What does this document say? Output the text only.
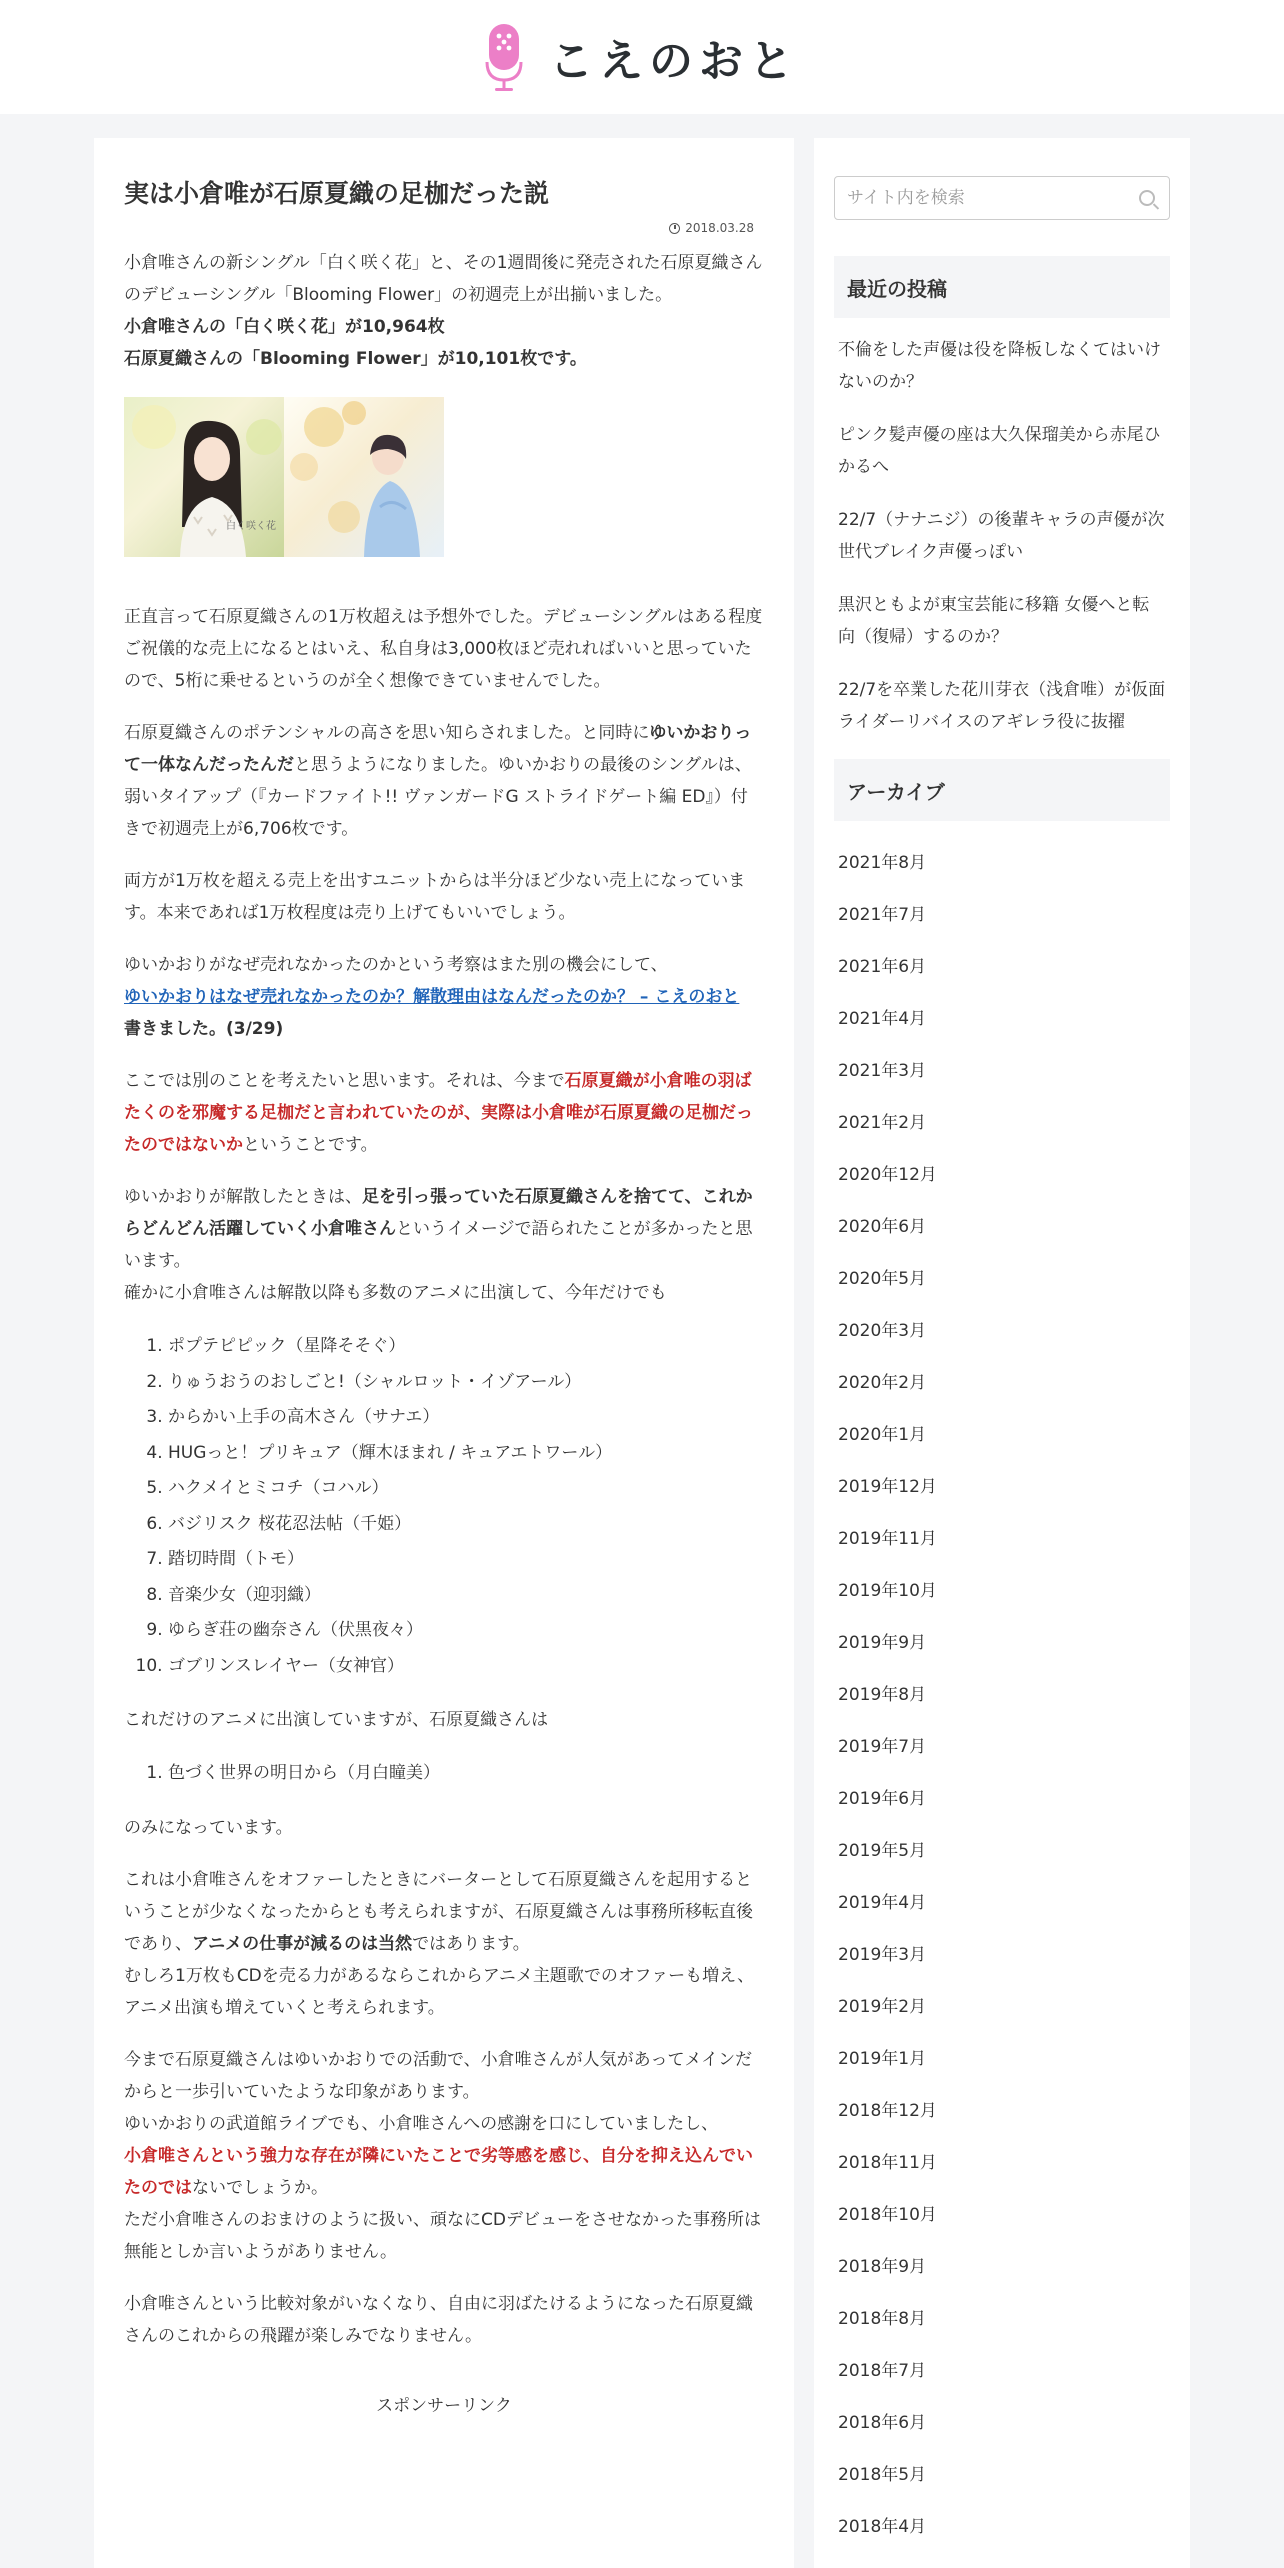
こえのおと
実は小倉唯が石原夏織の足枷だった説
2018.03.28

小倉唯さんの新シングル「白く咲く花」と、その1週間後に発売された石原夏織さんのデビューシングル「Blooming Flower」の初週売上が出揃いました。

小倉唯さんの「白く咲く花」が10,964枚

石原夏織さんの「Blooming Flower」が10,101枚です。

白く咲く花

正直言って石原夏織さんの1万枚超えは予想外でした。デビューシングルはある程度ご祝儀的な売上になるとはいえ、私自身は3,000枚ほど売れればいいと思っていたので、5桁に乗せるというのが全く想像できていませんでした。

石原夏織さんのポテンシャルの高さを思い知らされました。と同時にゆいかおりって一体なんだったんだと思うようになりました。ゆいかおりの最後のシングルは、弱いタイアップ（『カードファイト!! ヴァンガードG ストライドゲート編 ED』）付きで初週売上が6,706枚です。

両方が1万枚を超える売上を出すユニットからは半分ほど少ない売上になっています。本来であれば1万枚程度は売り上げてもいいでしょう。

ゆいかおりがなぜ売れなかったのかという考察はまた別の機会にして、
ゆいかおりはなぜ売れなかったのか？解散理由はなんだったのか？ – こえのおと
書きました。(3/29)

ここでは別のことを考えたいと思います。それは、今まで石原夏織が小倉唯の羽ばたくのを邪魔する足枷だと言われていたのが、実際は小倉唯が石原夏織の足枷だったのではないかということです。

ゆいかおりが解散したときは、足を引っ張っていた石原夏織さんを捨てて、これからどんどん活躍していく小倉唯さんというイメージで語られたことが多かったと思います。

確かに小倉唯さんは解散以降も多数のアニメに出演して、今年だけでも

1. ポプテピピック（星降そそぐ）
2. りゅうおうのおしごと!（シャルロット・イゾアール）
3. からかい上手の高木さん（サナエ）
4. HUGっと！プリキュア（輝木ほまれ / キュアエトワール）
5. ハクメイとミコチ（コハル）
6. バジリスク 桜花忍法帖（千姫）
7. 踏切時間（トモ）
8. 音楽少女（迎羽織）
9. ゆらぎ荘の幽奈さん（伏黒夜々）
10. ゴブリンスレイヤー（女神官）

これだけのアニメに出演していますが、石原夏織さんは

1. 色づく世界の明日から（月白瞳美）

のみになっています。

これは小倉唯さんをオファーしたときにバーターとして石原夏織さんを起用するということが少なくなったからとも考えられますが、石原夏織さんは事務所移転直後であり、アニメの仕事が減るのは当然ではあります。

むしろ1万枚もCDを売る力があるならこれからアニメ主題歌でのオファーも増え、アニメ出演も増えていくと考えられます。

今まで石原夏織さんはゆいかおりでの活動で、小倉唯さんが人気があってメインだからと一歩引いていたような印象があります。

ゆいかおりの武道館ライブでも、小倉唯さんへの感謝を口にしていましたし、

小倉唯さんという強力な存在が隣にいたことで劣等感を感じ、自分を抑え込んでいたのではないでしょうか。

ただ小倉唯さんのおまけのように扱い、頑なにCDデビューをさせなかった事務所は無能としか言いようがありません。

小倉唯さんという比較対象がいなくなり、自由に羽ばたけるようになった石原夏織さんのこれからの飛躍が楽しみでなりません。

スポンサーリンク
サイト内を検索
最近の投稿
不倫をした声優は役を降板しなくてはいけないのか？
ピンク髪声優の座は大久保瑠美から赤尾ひかるへ
22/7（ナナニジ）の後輩キャラの声優が次世代ブレイク声優っぽい
黒沢ともよが東宝芸能に移籍 女優へと転向（復帰）するのか？
22/7を卒業した花川芽衣（浅倉唯）が仮面ライダーリバイスのアギレラ役に抜擢
アーカイブ
2021年8月
2021年7月
2021年6月
2021年4月
2021年3月
2021年2月
2020年12月
2020年6月
2020年5月
2020年3月
2020年2月
2020年1月
2019年12月
2019年11月
2019年10月
2019年9月
2019年8月
2019年7月
2019年6月
2019年5月
2019年4月
2019年3月
2019年2月
2019年1月
2018年12月
2018年11月
2018年10月
2018年9月
2018年8月
2018年7月
2018年6月
2018年5月
2018年4月
